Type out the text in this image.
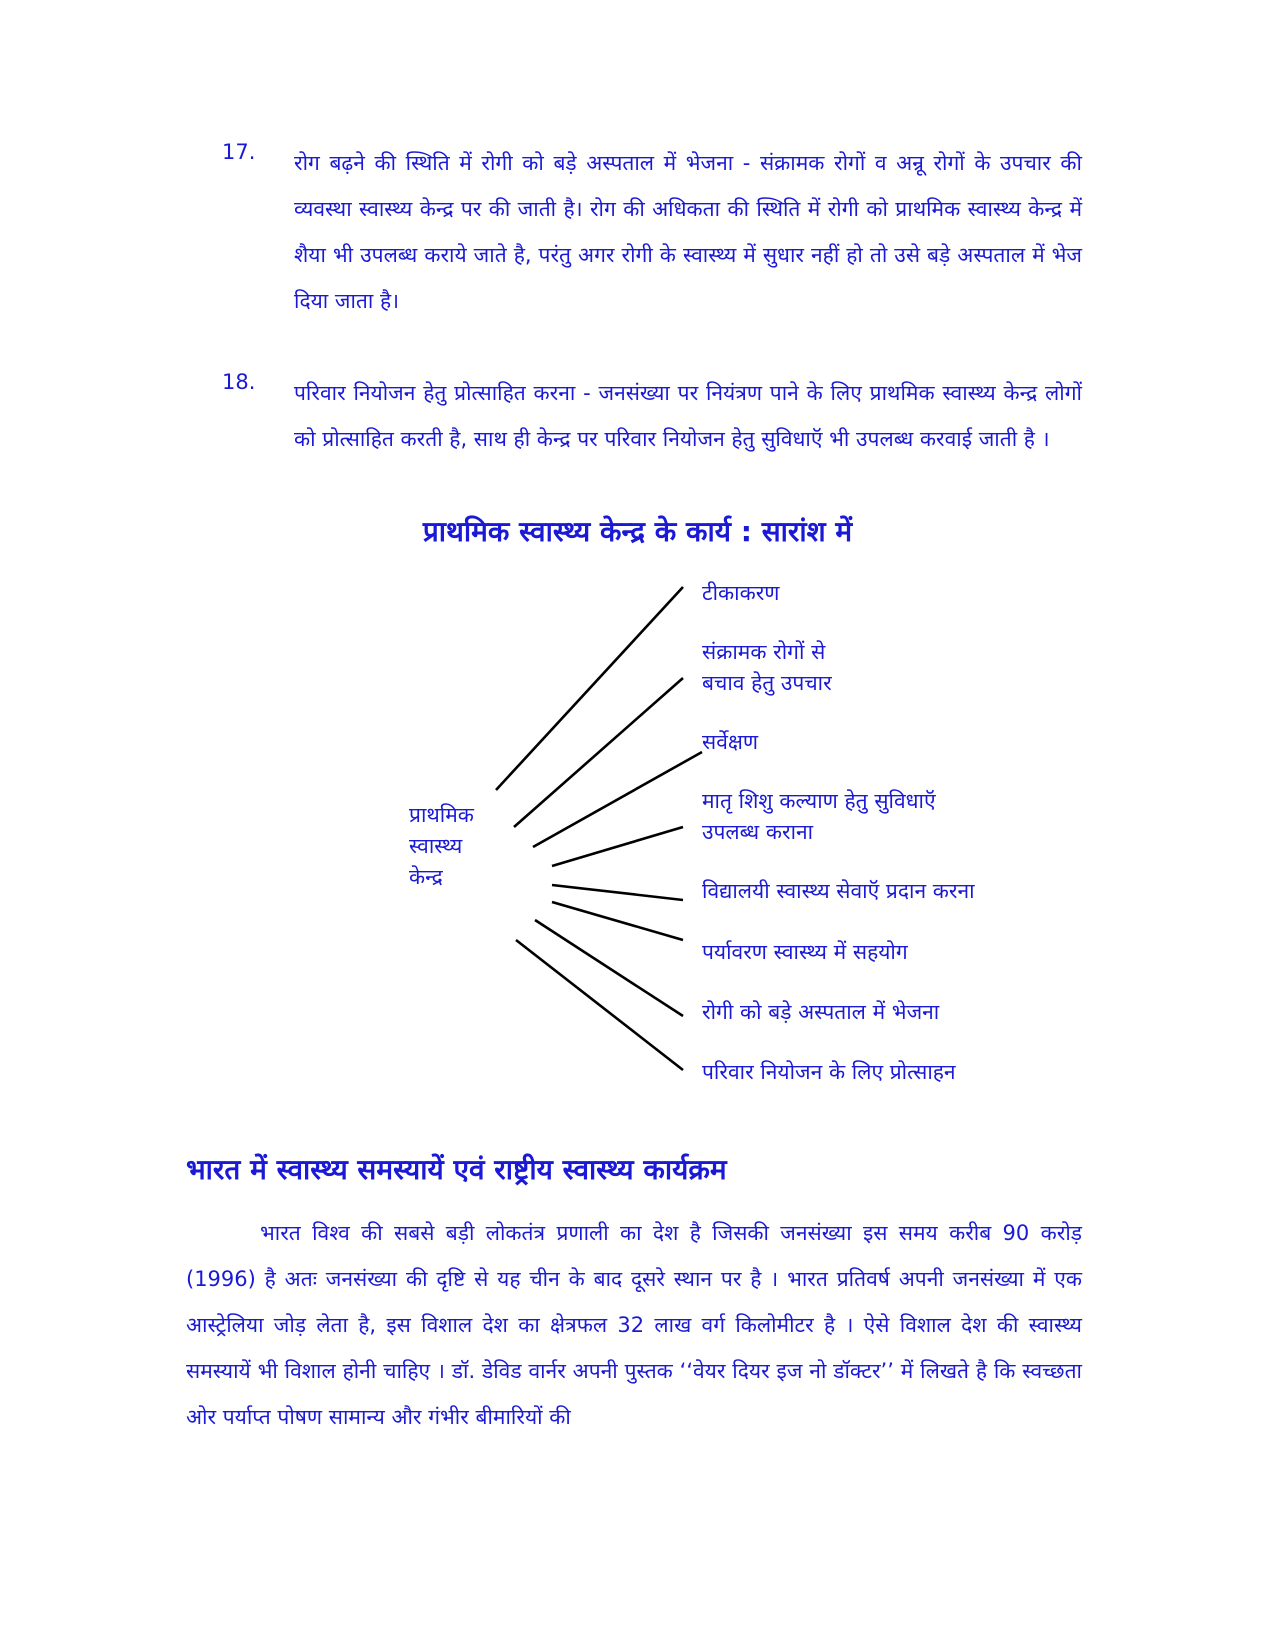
17. रोग बढ़ने की स्थिति में रोगी को बड़े अस्पताल में भेजना - संक्रामक रोगों व अन्रू रोगों के उपचार की व्यवस्था स्वास्थ्य केन्द्र पर की जाती है। रोग की अधिकता की स्थिति में रोगी को प्राथमिक स्वास्थ्य केन्द्र में शैया भी उपलब्ध कराये जाते है, परंतु अगर रोगी के स्वास्थ्य में सुधार नहीं हो तो उसे बड़े अस्पताल में भेज दिया जाता है।
18. परिवार नियोजन हेतु प्रोत्साहित करना - जनसंख्या पर नियंत्रण पाने के लिए प्राथमिक स्वास्थ्य केन्द्र लोगों को प्रोत्साहित करती है, साथ ही केन्द्र पर परिवार नियोजन हेतु सुविधाऍ भी उपलब्ध करवाई जाती है ।
प्राथमिक स्वास्थ्य केन्द्र के कार्य : सारांश में
प्राथमिक
स्वास्थ्य
केन्द्र
टीकाकरण
संक्रामक रोगों से
बचाव हेतु उपचार
सर्वेक्षण
मातृ शिशु कल्याण हेतु सुविधाऍ
उपलब्ध कराना
विद्यालयी स्वास्थ्य सेवाऍ प्रदान करना
पर्यावरण स्वास्थ्य में सहयोग
रोगी को बड़े अस्पताल में भेजना
परिवार नियोजन के लिए प्रोत्साहन
भारत में स्वास्थ्य समस्यायें एवं राष्ट्रीय स्वास्थ्य कार्यक्रम
भारत विश्व की सबसे बड़ी लोकतंत्र प्रणाली का देश है जिसकी जनसंख्या इस समय करीब 90 करोड़ (1996) है अतः जनसंख्या की दृष्टि से यह चीन के बाद दूसरे स्थान पर है । भारत प्रतिवर्ष अपनी जनसंख्या में एक आस्ट्रेलिया जोड़ लेता है, इस विशाल देश का क्षेत्रफल 32 लाख वर्ग किलोमीटर है । ऐसे विशाल देश की स्वास्थ्य समस्यायें भी विशाल होनी चाहिए । डॉ. डेविड वार्नर अपनी पुस्तक ‘‘वेयर दियर इज नो डॉक्टर’’ में लिखते है कि स्वच्छता ओर पर्याप्त पोषण सामान्य और गंभीर बीमारियों की
